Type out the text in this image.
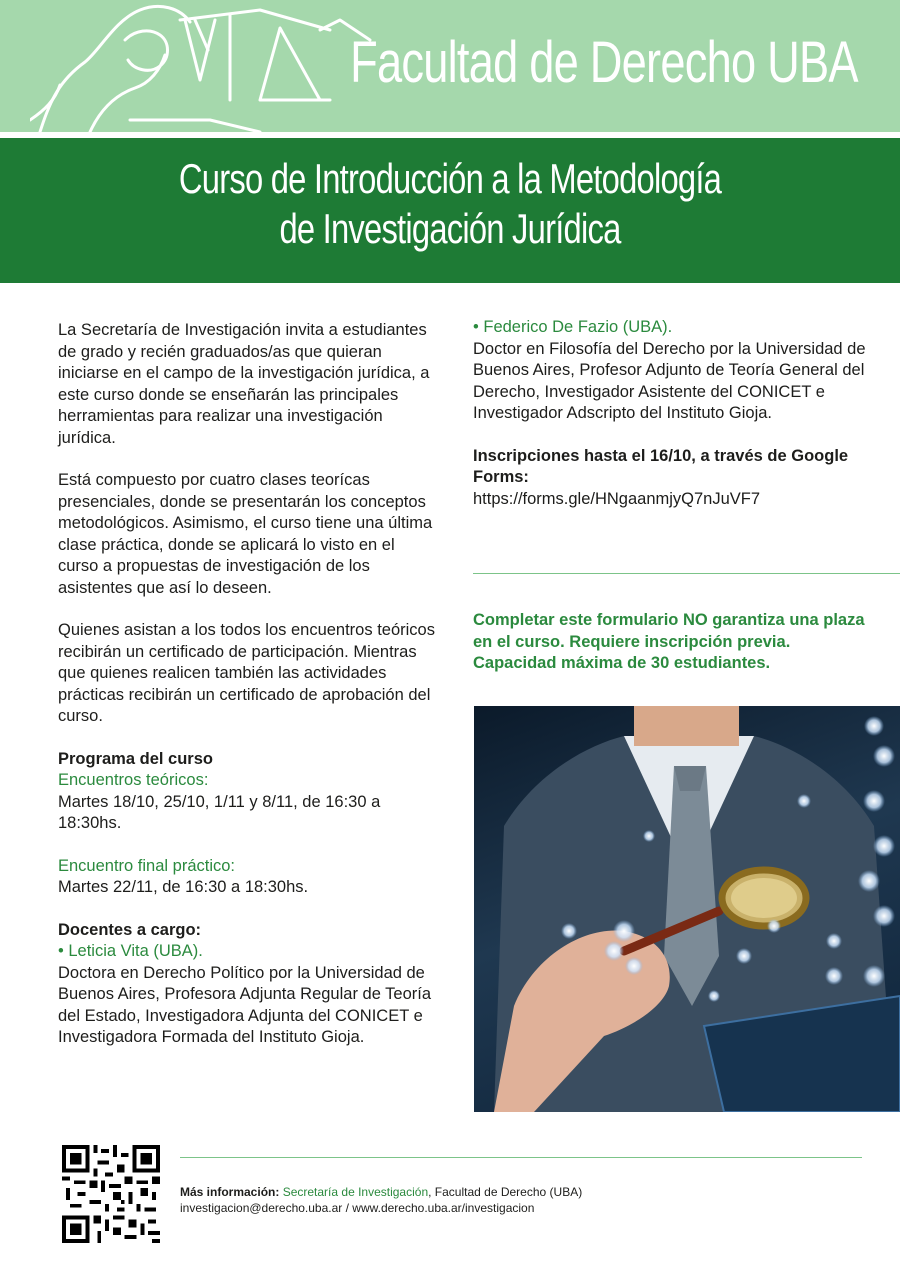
Facultad de Derecho UBA
Curso de Introducción a la Metodología
de Investigación Jurídica

La Secretaría de Investigación invita a estudiantes de grado y recién graduados/as que quieran iniciarse en el campo de la investigación jurídica, a este curso donde se enseñarán las principales herramientas para realizar una investigación jurídica.

Está compuesto por cuatro clases teorícas presenciales, donde se presentarán los conceptos metodológicos. Asimismo, el curso tiene una última clase práctica, donde se aplicará lo visto en el curso a propuestas de investigación de los asistentes que así lo deseen.

Quienes asistan a los todos los encuentros teóricos recibirán un certificado de participación. Mientras que quienes realicen también las actividades prácticas recibirán un certificado de aprobación del curso.

Programa del curso

Encuentros teóricos:

Martes 18/10, 25/10, 1/11 y 8/11, de 16:30 a 18:30hs.

Encuentro final práctico:

Martes 22/11, de 16:30 a 18:30hs.

Docentes a cargo:

• Leticia Vita (UBA).

Doctora en Derecho Político por la Universidad de Buenos Aires, Profesora Adjunta Regular de Teoría del Estado, Investigadora Adjunta del CONICET e Investigadora Formada del Instituto Gioja.

• Federico De Fazio (UBA).

Doctor en Filosofía del Derecho por la Universidad de Buenos Aires, Profesor Adjunto de Teoría General del Derecho, Investigador Asistente del CONICET e Investigador Adscripto del Instituto Gioja.

Inscripciones hasta el 16/10, a través de Google Forms:

https://forms.gle/HNgaanmjyQ7nJuVF7

Completar este formulario NO garantiza una plaza en el curso. Requiere inscripción previa. Capacidad máxima de 30 estudiantes.

Más información: Secretaría de Investigación, Facultad de Derecho (UBA)
investigacion@derecho.uba.ar / www.derecho.uba.ar/investigacion
